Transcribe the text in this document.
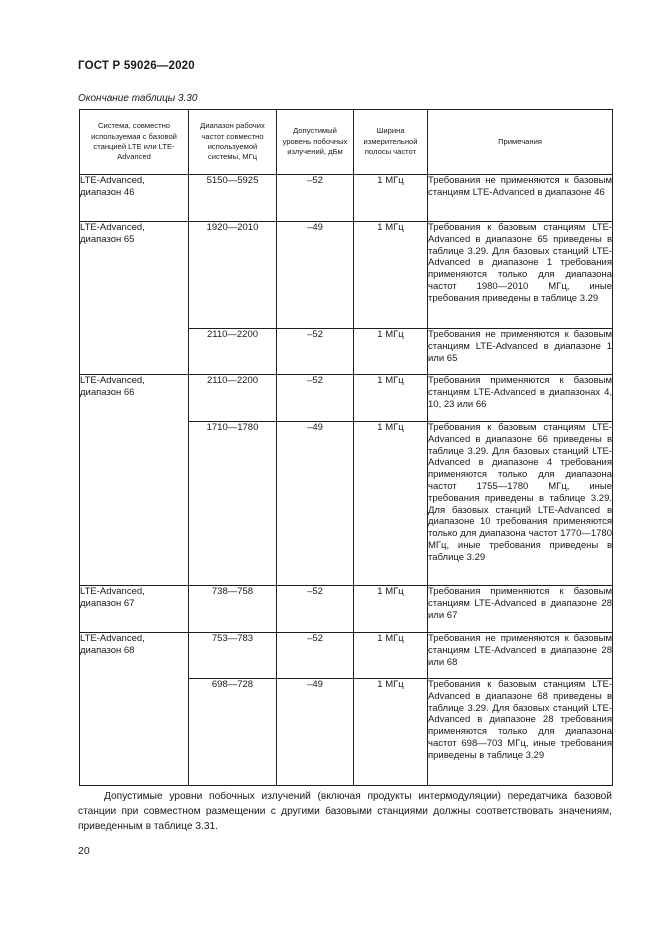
ГОСТ Р 59026—2020
Окончание таблицы 3.30
Система, совместно используемая с базовой станцией LTE или LTE-Advanced	Диапазон рабочих частот совместно используемой системы, МГц	Допустимый уровень побочных излучений, дБм	Ширина измерительной полосы частот	Примечания
LTE-Advanced, диапазон 46	5150—5925	–52	1 МГц	Требования не применяются к базовым станциям LTE-Advanced в диапазоне 46
LTE-Advanced, диапазон 65	1920—2010	–49	1 МГц	Требования к базовым станциям LTE-Advanced в диапазоне 65 приведены в таблице 3.29. Для базовых станций LTE-Advanced в диапазоне 1 требования применяются только для диапазона частот 1980—2010 МГц, иные требования приведены в таблице 3.29
	2110—2200	–52	1 МГц	Требования не применяются к базовым станциям LTE-Advanced в диапазоне 1 или 65
LTE-Advanced, диапазон 66	2110—2200	–52	1 МГц	Требования применяются к базовым станциям LTE-Advanced в диапазонах 4, 10, 23 или 66
	1710—1780	–49	1 МГц	Требования к базовым станциям LTE-Advanced в диапазоне 66 приведены в таблице 3.29. Для базовых станций LTE-Advanced в диапазоне 4 требования применяются только для диапазона частот 1755—1780 МГц, иные требования приведены в таблице 3.29. Для базовых станций LTE-Advanced в диапазоне 10 требования применяются только для диапазона частот 1770—1780 МГц, иные требования приведены в таблице 3.29
LTE-Advanced, диапазон 67	738—758	–52	1 МГц	Требования применяются к базовым станциям LTE-Advanced в диапазоне 28 или 67
LTE-Advanced, диапазон 68	753—783	–52	1 МГц	Требования не применяются к базовым станциям LTE-Advanced в диапазоне 28 или 68
	698—728	–49	1 МГц	Требования к базовым станциям LTE-Advanced в диапазоне 68 приведены в таблице 3.29. Для базовых станций LTE-Advanced в диапазоне 28 требования применяются только для диапазона частот 698—703 МГц, иные требования приведены в таблице 3.29

Допустимые уровни побочных излучений (включая продукты интермодуляции) передатчика базовой станции при совместном размещении с другими базовыми станциями должны соответствовать значениям, приведенным в таблице 3.31.

20
